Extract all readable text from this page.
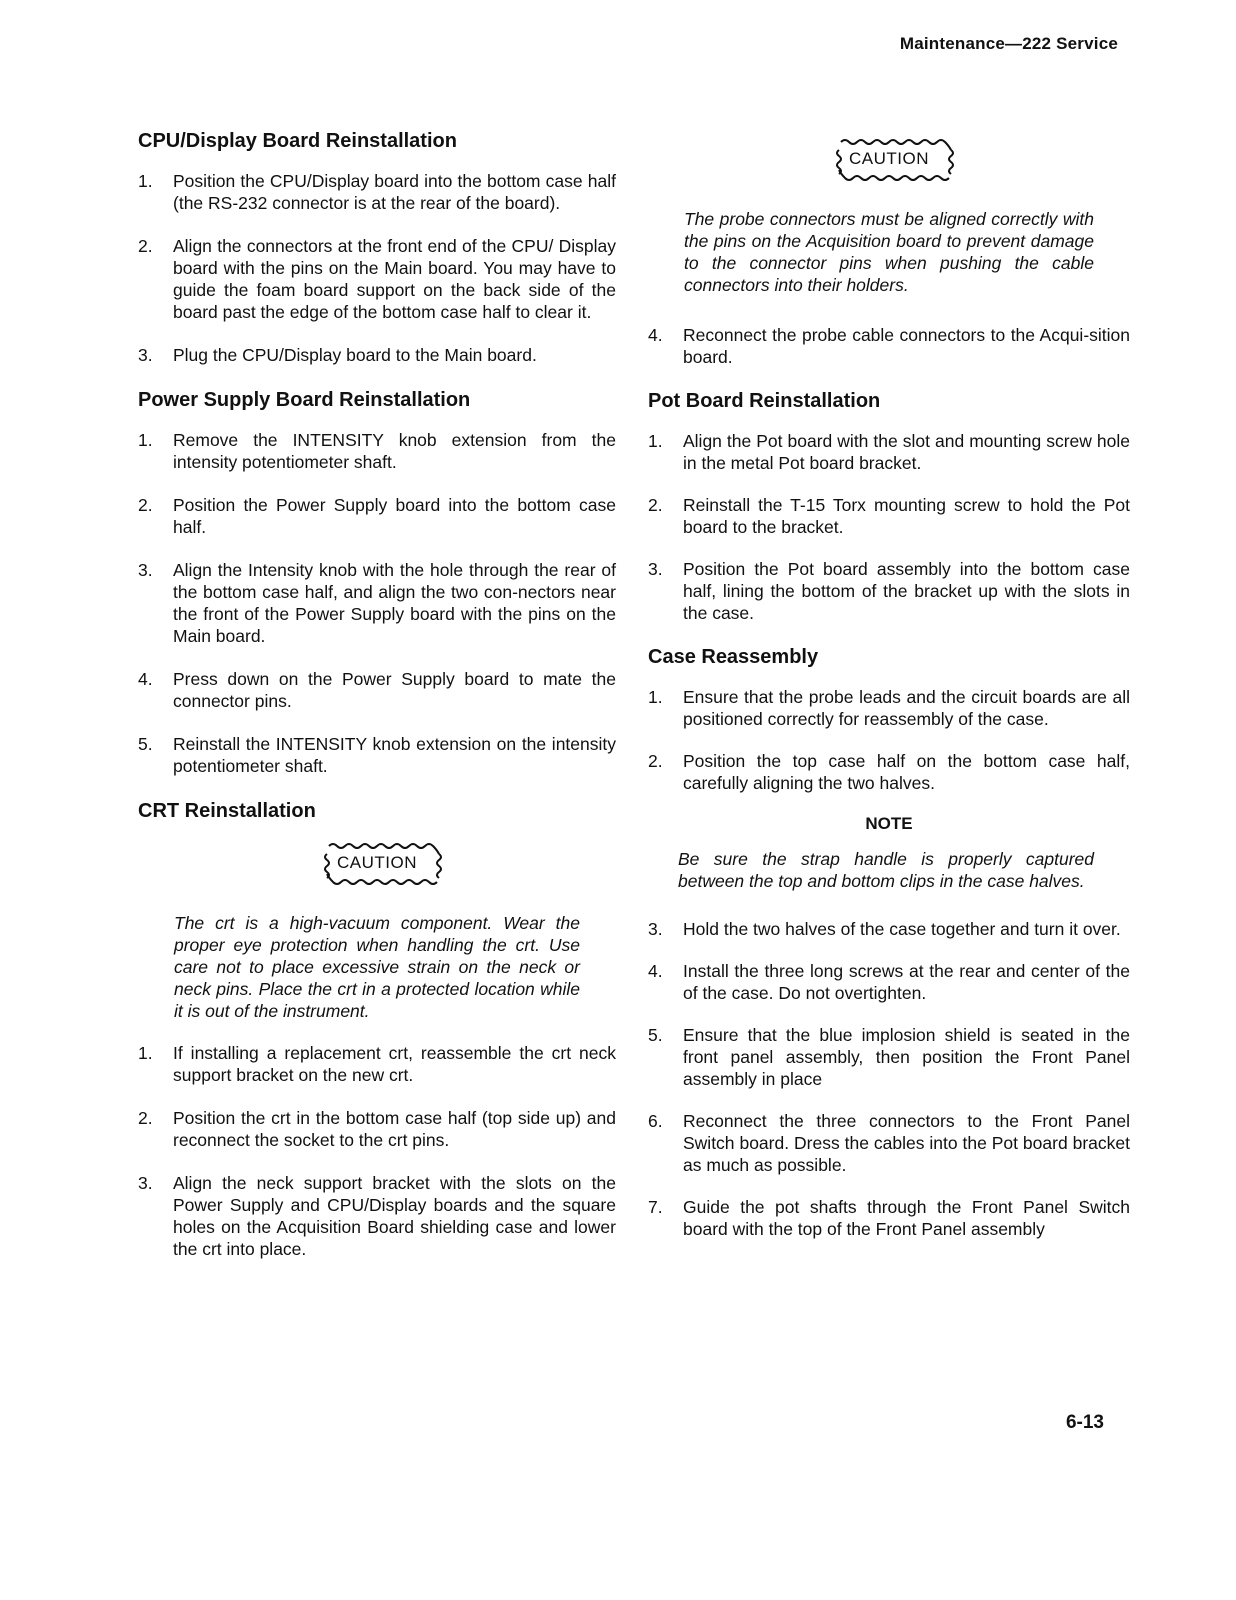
Maintenance—222 Service
CPU/Display Board Reinstallation
1. Position the CPU/Display board into the bottom case half (the RS-232 connector is at the rear of the board).
2. Align the connectors at the front end of the CPU/ Display board with the pins on the Main board. You may have to guide the foam board support on the back side of the board past the edge of the bottom case half to clear it.
3. Plug the CPU/Display board to the Main board.
Power Supply Board Reinstallation
1. Remove the INTENSITY knob extension from the intensity potentiometer shaft.
2. Position the Power Supply board into the bottom case half.
3. Align the Intensity knob with the hole through the rear of the bottom case half, and align the two con-nectors near the front of the Power Supply board with the pins on the Main board.
4. Press down on the Power Supply board to mate the connector pins.
5. Reinstall the INTENSITY knob extension on the intensity potentiometer shaft.
CRT Reinstallation
CAUTION

The crt is a high-vacuum component. Wear the proper eye protection when handling the crt. Use care not to place excessive strain on the neck or neck pins. Place the crt in a protected location while it is out of the instrument.

1. If installing a replacement crt, reassemble the crt neck support bracket on the new crt.
2. Position the crt in the bottom case half (top side up) and reconnect the socket to the crt pins.
3. Align the neck support bracket with the slots on the Power Supply and CPU/Display boards and the square holes on the Acquisition Board shielding case and lower the crt into place.
CAUTION

The probe connectors must be aligned correctly with the pins on the Acquisition board to prevent damage to the connector pins when pushing the cable connectors into their holders.

4. Reconnect the probe cable connectors to the Acqui-sition board.
Pot Board Reinstallation
1. Align the Pot board with the slot and mounting screw hole in the metal Pot board bracket.
2. Reinstall the T-15 Torx mounting screw to hold the Pot board to the bracket.
3. Position the Pot board assembly into the bottom case half, lining the bottom of the bracket up with the slots in the case.
Case Reassembly
1. Ensure that the probe leads and the circuit boards are all positioned correctly for reassembly of the case.
2. Position the top case half on the bottom case half, carefully aligning the two halves.
NOTE

Be sure the strap handle is properly captured between the top and bottom clips in the case halves.

3. Hold the two halves of the case together and turn it over.
4. Install the three long screws at the rear and center of the of the case. Do not overtighten.
5. Ensure that the blue implosion shield is seated in the front panel assembly, then position the Front Panel assembly in place
6. Reconnect the three connectors to the Front Panel Switch board. Dress the cables into the Pot board bracket as much as possible.
7. Guide the pot shafts through the Front Panel Switch board with the top of the Front Panel assembly
6-13
